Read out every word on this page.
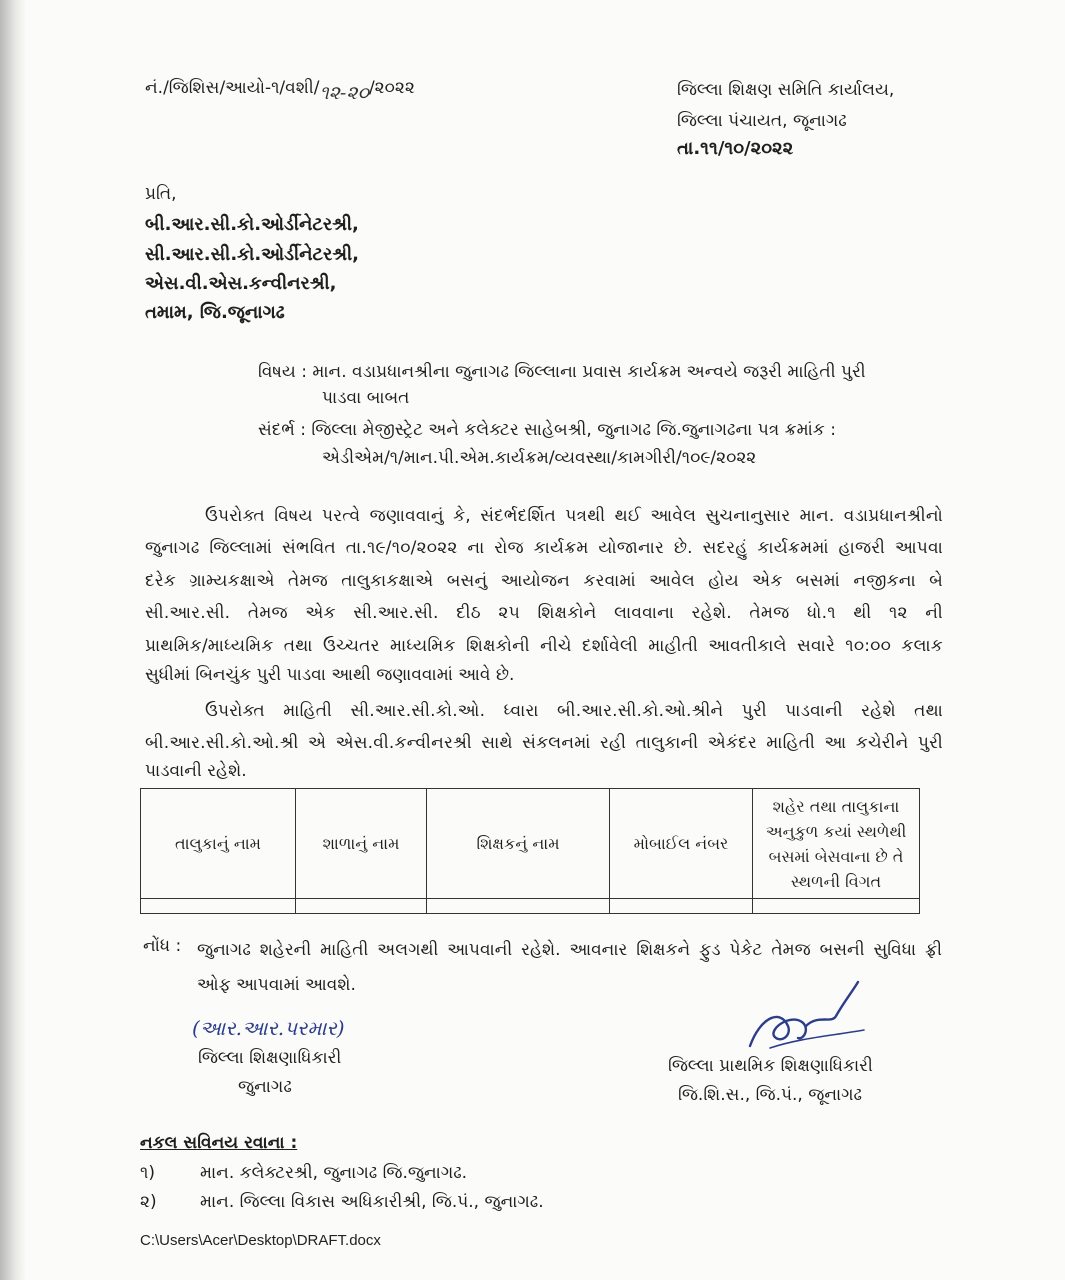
નં./જિશિસ/આયો-૧/વશી/૧૨-૨૦/૨૦૨૨	જિલ્લા શિક્ષણ સમિતિ કાર્યાલય,
જિલ્લા પંચાયત, જૂનાગઢ
તા.૧૧/૧૦/૨૦૨૨
પ્રતિ,
બી.આર.સી.કો.ઓર્ડીનેટરશ્રી,
સી.આર.સી.કો.ઓર્ડીનેટરશ્રી,
એસ.વી.એસ.કન્વીનરશ્રી,
તમામ, જિ.જૂનાગઢ
વિષય : માન. વડાપ્રધાનશ્રીના જુનાગઢ જિલ્લાના પ્રવાસ કાર્યક્રમ અન્વયે જરૂરી માહિતી પુરી
પાડવા બાબત
સંદર્ભ : જિલ્લા મેજીસ્ટ્રેટ અને કલેક્ટર સાહેબશ્રી, જુનાગઢ જિ.જુનાગઢના પત્ર ક્રમાંક :
એડીએમ/૧/માન.પી.એમ.કાર્યક્રમ/વ્યવસ્થા/કામગીરી/૧૦૯/૨૦૨૨
ઉપરોક્ત વિષય પરત્વે જણાવવાનું કે, સંદર્ભદર્શિત પત્રથી થઈ આવેલ સુચનાનુસાર માન. વડાપ્રધાનશ્રીનો
જુનાગઢ જિલ્લામાં સંભવિત તા.૧૯/૧૦/૨૦૨૨ ના રોજ કાર્યક્રમ યોજાનાર છે. સદરહું કાર્યક્રમમાં હાજરી આપવા
દરેક ગ્રામ્યકક્ષાએ તેમજ તાલુકાકક્ષાએ બસનું આયોજન કરવામાં આવેલ હોય એક બસમાં નજીકના બે
સી.આર.સી. તેમજ એક સી.આર.સી. દીઠ ૨૫ શિક્ષકોને લાવવાના રહેશે. તેમજ ધો.૧ થી ૧૨ ની
પ્રાથમિક/માધ્યમિક તથા ઉચ્ચતર માધ્યમિક શિક્ષકોની નીચે દર્શાવેલી માહીતી આવતીકાલે સવારે ૧૦:૦૦ કલાક
સુધીમાં બિનચુંક પુરી પાડવા આથી જણાવવામાં આવે છે.
ઉપરોક્ત માહિતી સી.આર.સી.કો.ઓ. ધ્વારા બી.આર.સી.કો.ઓ.શ્રીને પુરી પાડવાની રહેશે તથા
બી.આર.સી.કો.ઓ.શ્રી એ એસ.વી.કન્વીનરશ્રી સાથે સંકલનમાં રહી તાલુકાની એકંદર માહિતી આ કચેરીને પુરી
પાડવાની રહેશે.
તાલુકાનું નામ	શાળાનું નામ	શિક્ષકનું નામ	મોબાઈલ નંબર	શહેર તથા તાલુકાના
અનુકુળ કયાં સ્થળેથી
બસમાં બેસવાના છે તે
સ્થળની વિગત

નોંધ : જુનાગઢ શહેરની માહિતી અલગથી આપવાની રહેશે. આવનાર શિક્ષકને ફુડ પેકેટ તેમજ બસની સુવિધા ફ્રી
ઓફ આપવામાં આવશે.
(આર.આર.પરમાર)
જિલ્લા શિક્ષણાધિકારી
જુનાગઢ
જિલ્લા પ્રાથમિક શિક્ષણાધિકારી
જિ.શિ.સ., જિ.પં., જૂનાગઢ
નકલ સવિનય રવાના :
૧)	માન. કલેક્ટરશ્રી, જુનાગઢ જિ.જુનાગઢ.
૨)	માન. જિલ્લા વિકાસ અધિકારીશ્રી, જિ.પં., જુનાગઢ.
C:\Users\Acer\Desktop\DRAFT.docx
